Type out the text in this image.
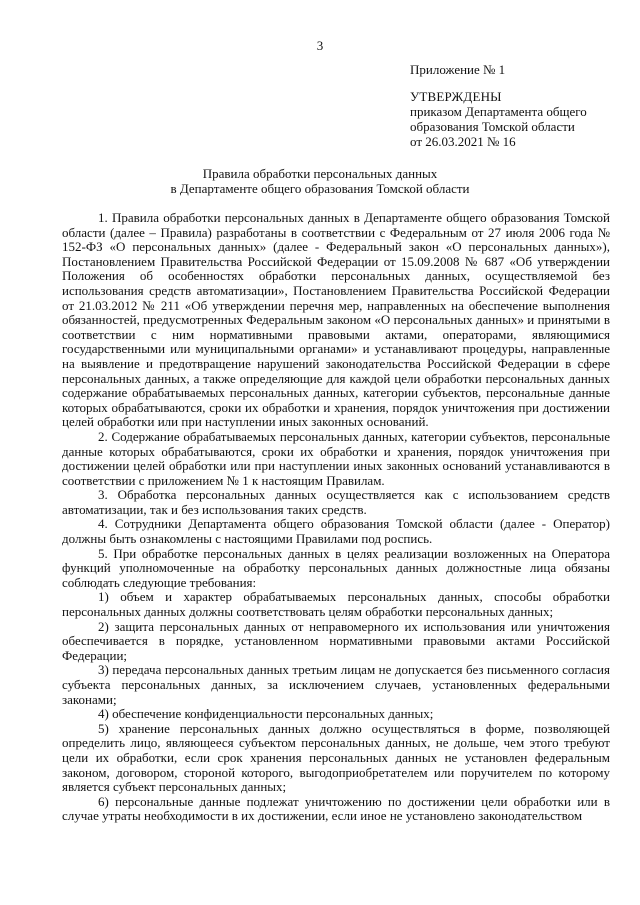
3

Приложение № 1

УТВЕРЖДЕНЫ

приказом Департамента общего

образования Томской области

от 26.03.2021 № 16

Правила обработки персональных данных
в Департаменте общего образования Томской области

1. Правила обработки персональных данных в Департаменте общего образования Томской области (далее – Правила) разработаны в соответствии с Федеральным от 27 июля 2006 года № 152-ФЗ «О персональных данных» (далее - Федеральный закон «О персональных данных»), Постановлением Правительства Российской Федерации от 15.09.2008 № 687 «Об утверждении Положения об особенностях обработки персональных данных, осуществляемой без использования средств автоматизации», Постановлением Правительства Российской Федерации от 21.03.2012 № 211 «Об утверждении перечня мер, направленных на обеспечение выполнения обязанностей, предусмотренных Федеральным законом «О персональных данных» и принятыми в соответствии с ним нормативными правовыми актами, операторами, являющимися государственными или муниципальными органами» и устанавливают процедуры, направленные на выявление и предотвращение нарушений законодательства Российской Федерации в сфере персональных данных, а также определяющие для каждой цели обработки персональных данных содержание обрабатываемых персональных данных, категории субъектов, персональные данные которых обрабатываются, сроки их обработки и хранения, порядок уничтожения при достижении целей обработки или при наступлении иных законных оснований.

2. Содержание обрабатываемых персональных данных, категории субъектов, персональные данные которых обрабатываются, сроки их обработки и хранения, порядок уничтожения при достижении целей обработки или при наступлении иных законных оснований устанавливаются в соответствии с приложением № 1 к настоящим Правилам.

3. Обработка персональных данных осуществляется как с использованием средств автоматизации, так и без использования таких средств.

4. Сотрудники Департамента общего образования Томской области (далее - Оператор) должны быть ознакомлены с настоящими Правилами под роспись.

5. При обработке персональных данных в целях реализации возложенных на Оператора функций уполномоченные на обработку персональных данных должностные лица обязаны соблюдать следующие требования:

1) объем и характер обрабатываемых персональных данных, способы обработки персональных данных должны соответствовать целям обработки персональных данных;

2) защита персональных данных от неправомерного их использования или уничтожения обеспечивается в порядке, установленном нормативными правовыми актами Российской Федерации;

3) передача персональных данных третьим лицам не допускается без письменного согласия субъекта персональных данных, за исключением случаев, установленных федеральными законами;

4) обеспечение конфиденциальности персональных данных;

5) хранение персональных данных должно осуществляться в форме, позволяющей определить лицо, являющееся субъектом персональных данных, не дольше, чем этого требуют цели их обработки, если срок хранения персональных данных не установлен федеральным законом, договором, стороной которого, выгодоприобретателем или поручителем по которому является субъект персональных данных;

6) персональные данные подлежат уничтожению по достижении цели обработки или в случае утраты необходимости в их достижении, если иное не установлено законодательством
